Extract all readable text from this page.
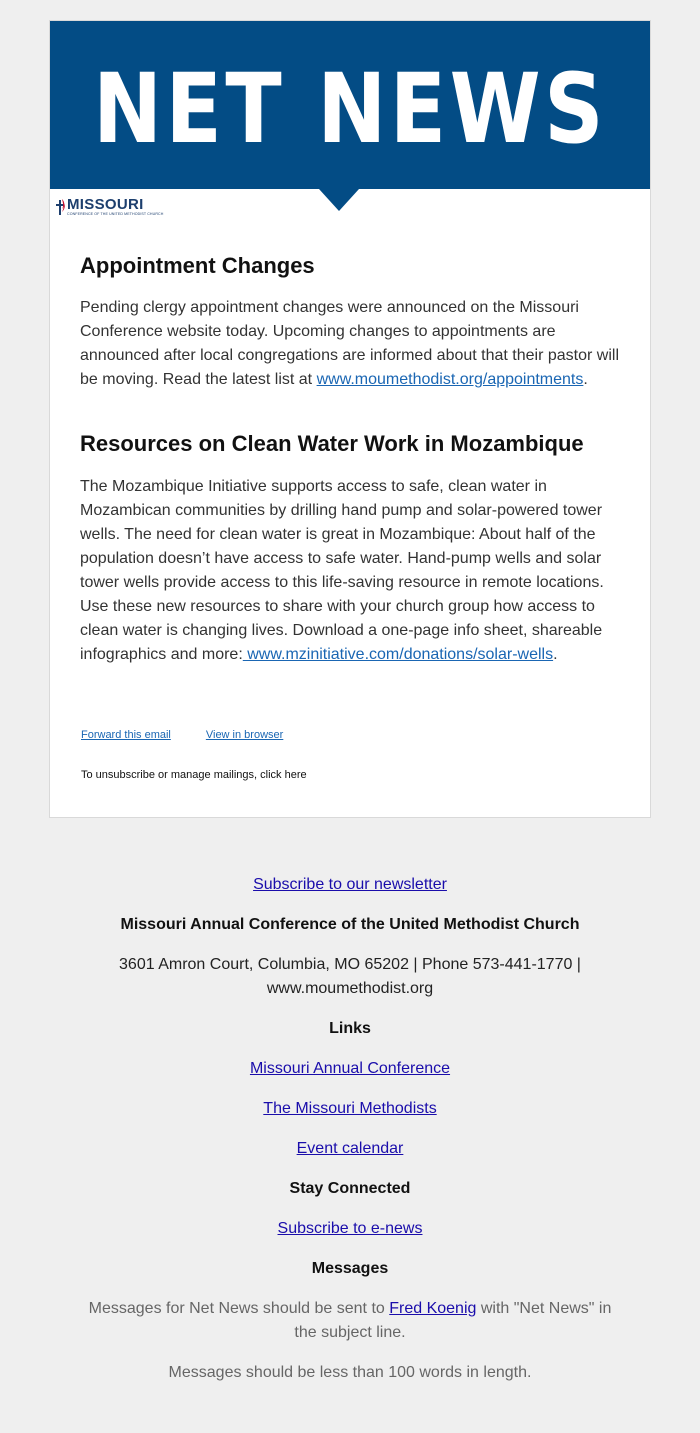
NET NEWS
MISSOURI
CONFERENCE OF THE UNITED METHODIST CHURCH
Appointment Changes

Pending clergy appointment changes were announced on the Missouri Conference website today. Upcoming changes to appointments are announced after local congregations are informed about that their pastor will be moving. Read the latest list at www.moumethodist.org/appointments.

Resources on Clean Water Work in Mozambique

The Mozambique Initiative supports access to safe, clean water in Mozambican communities by drilling hand pump and solar-powered tower wells. The need for clean water is great in Mozambique: About half of the population doesn’t have access to safe water. Hand-pump wells and solar tower wells provide access to this life-saving resource in remote locations. Use these new resources to share with your church group how access to clean water is changing lives. Download a one-page info sheet, shareable infographics and more: www.mzinitiative.com/donations/solar-wells.

Forward this email	View in browser
To unsubscribe or manage mailings, click here
Subscribe to our newsletter
Missouri Annual Conference of the United Methodist Church
3601 Amron Court, Columbia, MO 65202 | Phone 573-441-1770 |
www.moumethodist.org
Links
Missouri Annual Conference
The Missouri Methodists
Event calendar
Stay Connected
Subscribe to e-news
Messages
Messages for Net News should be sent to Fred Koenig with "Net News" in
the subject line.
Messages should be less than 100 words in length.
